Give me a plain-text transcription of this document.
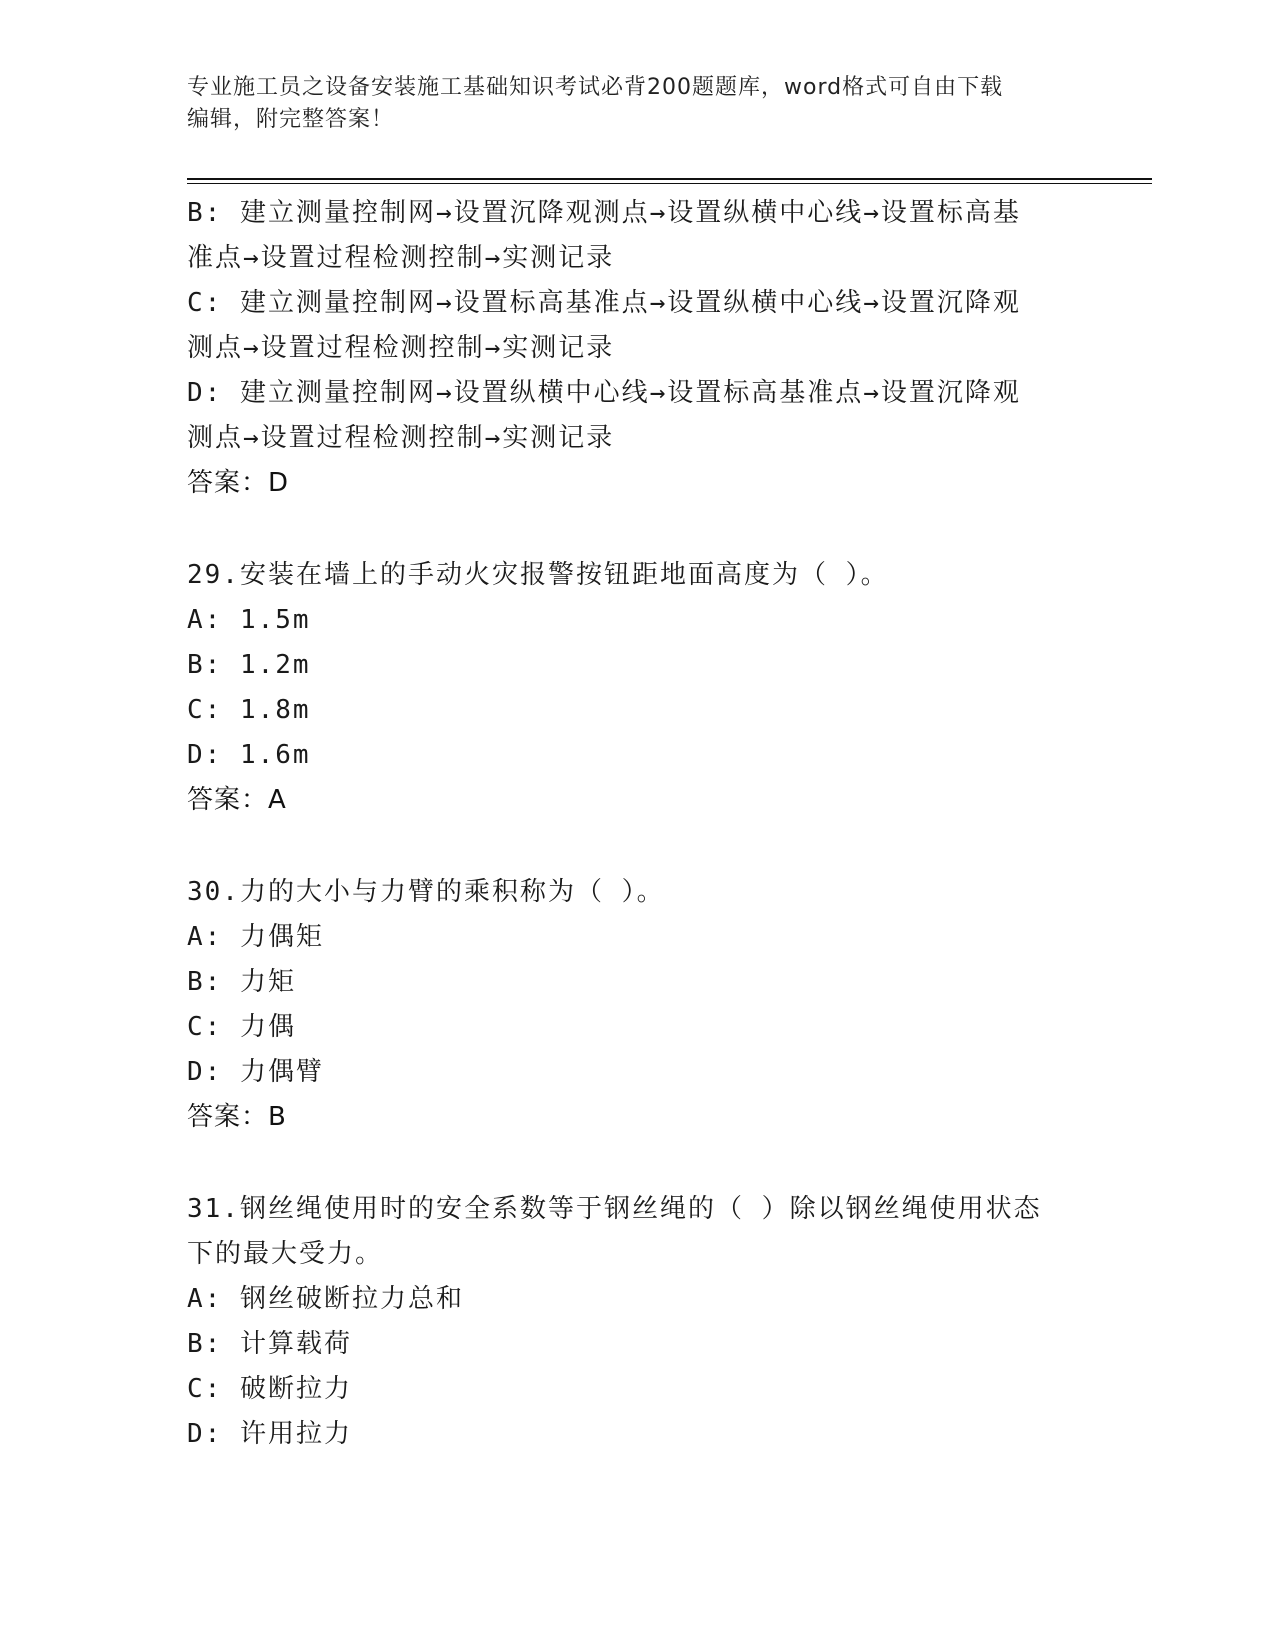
专业施工员之设备安装施工基础知识考试必背200题题库，word格式可自由下载
编辑，附完整答案！
B: 建立测量控制网→设置沉降观测点→设置纵横中心线→设置标高基
准点→设置过程检测控制→实测记录
C: 建立测量控制网→设置标高基准点→设置纵横中心线→设置沉降观
测点→设置过程检测控制→实测记录
D: 建立测量控制网→设置纵横中心线→设置标高基准点→设置沉降观
测点→设置过程检测控制→实测记录
答案：D
29.安装在墙上的手动火灾报警按钮距地面高度为（ ）。
A: 1.5m
B: 1.2m
C: 1.8m
D: 1.6m
答案：A
30.力的大小与力臂的乘积称为（ ）。
A: 力偶矩
B: 力矩
C: 力偶
D: 力偶臂
答案：B
31.钢丝绳使用时的安全系数等于钢丝绳的（ ）除以钢丝绳使用状态
下的最大受力。
A: 钢丝破断拉力总和
B: 计算载荷
C: 破断拉力
D: 许用拉力
